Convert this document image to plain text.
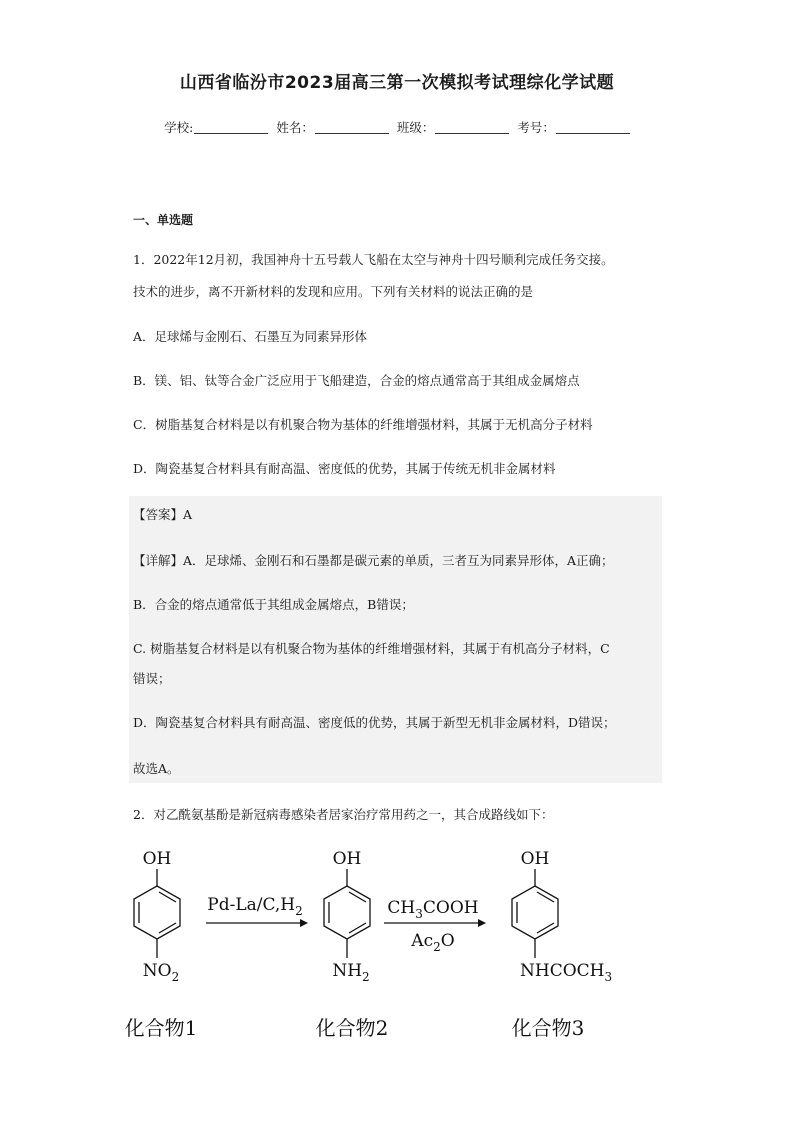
山西省临汾市2023届高三第一次模拟考试理综化学试题
学校:	姓名：	班级：	考号：
一、单选题
1．2022年12月初，我国神舟十五号载人飞船在太空与神舟十四号顺利完成任务交接。
技术的进步，离不开新材料的发现和应用。下列有关材料的说法正确的是
A．足球烯与金刚石、石墨互为同素异形体
B．镁、铝、钛等合金广泛应用于飞船建造，合金的熔点通常高于其组成金属熔点
C．树脂基复合材料是以有机聚合物为基体的纤维增强材料，其属于无机高分子材料
D．陶瓷基复合材料具有耐高温、密度低的优势，其属于传统无机非金属材料
【答案】A
【详解】A．足球烯、金刚石和石墨都是碳元素的单质，三者互为同素异形体，A正确；
B．合金的熔点通常低于其组成金属熔点，B错误；
C. 树脂基复合材料是以有机聚合物为基体的纤维增强材料，其属于有机高分子材料，C
错误；
D．陶瓷基复合材料具有耐高温、密度低的优势，其属于新型无机非金属材料，D错误；
故选A。
2．对乙酰氨基酚是新冠病毒感染者居家治疗常用药之一，其合成路线如下：
OH
$NO_2$
化合物1
$Pd-La/C,H_2$
OH
$NH_2$
化合物2
$CH_3COOH$
$Ac_2O$
OH
$NHCOCH_3$
化合物3
